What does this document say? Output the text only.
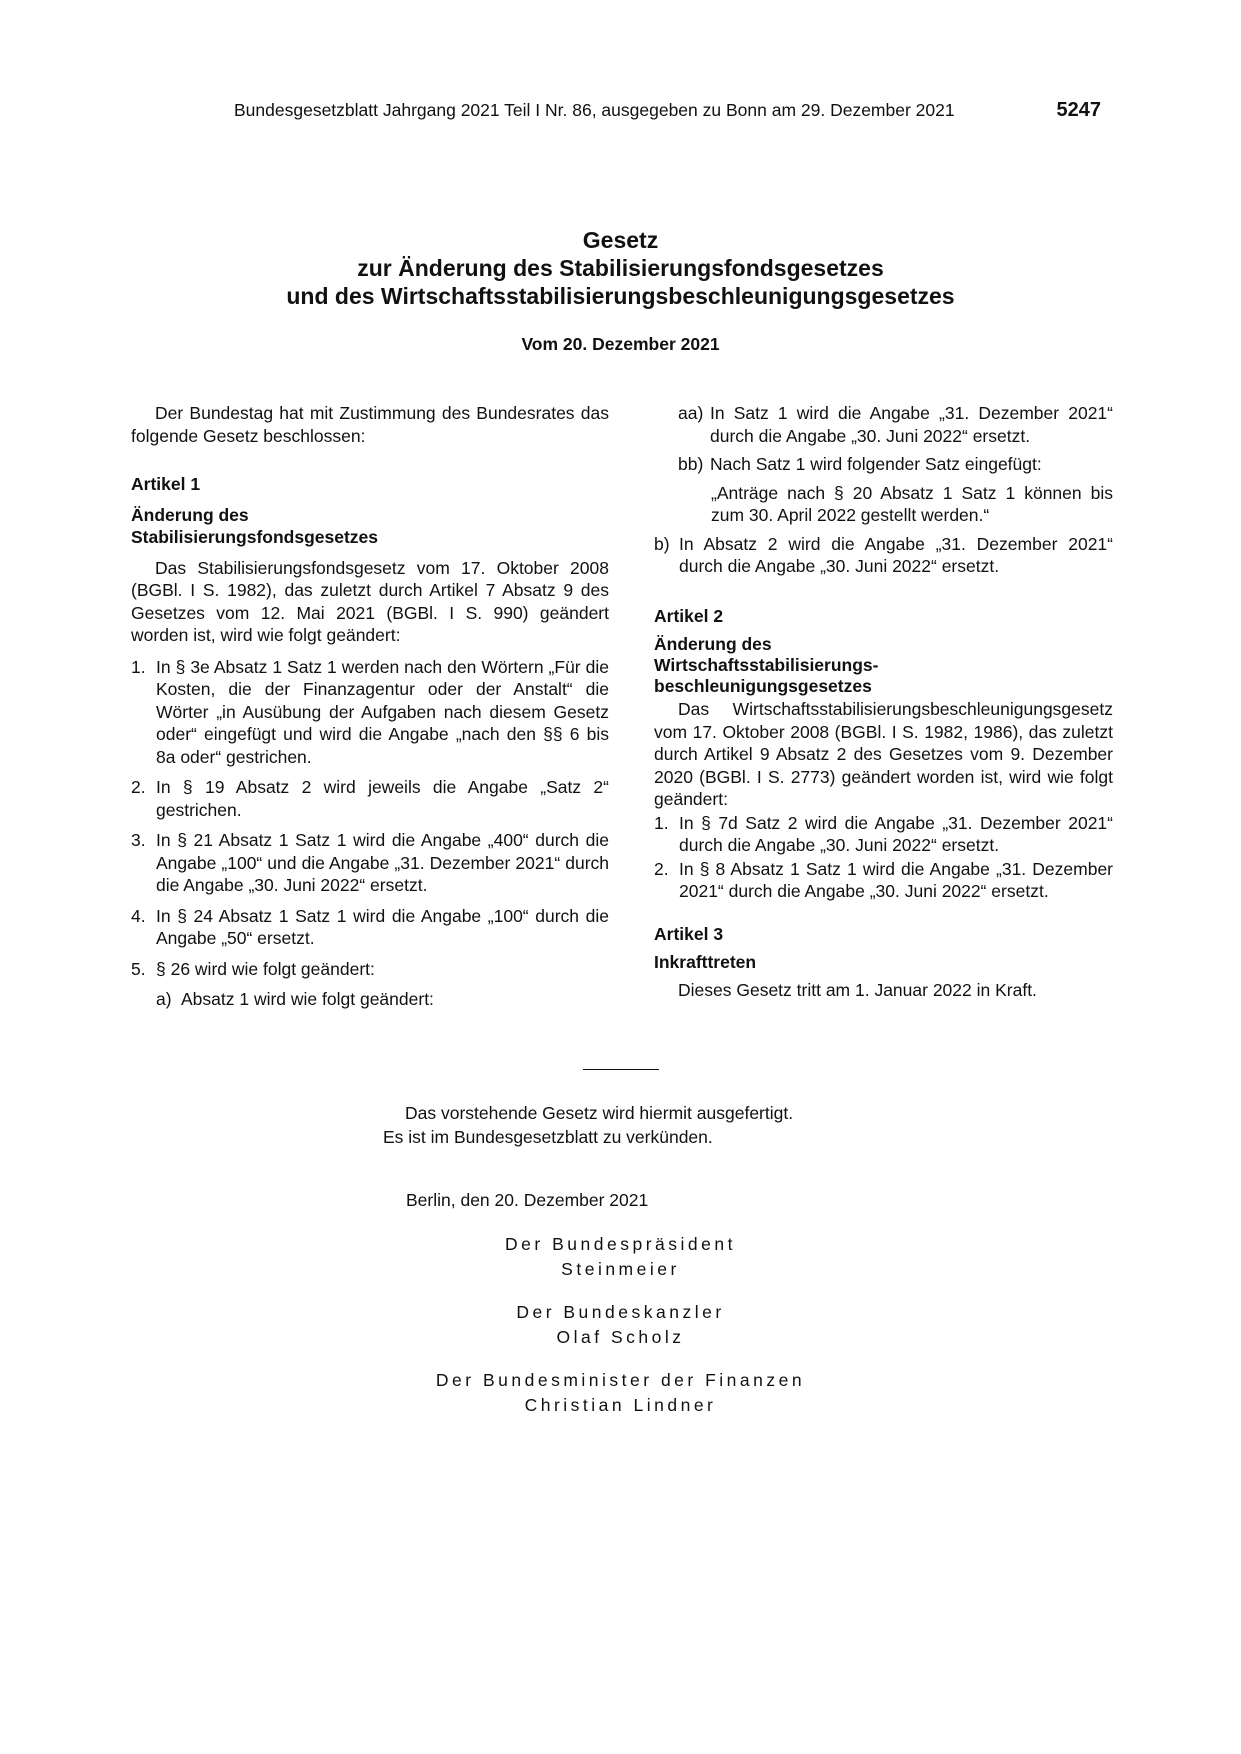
Bundesgesetzblatt Jahrgang 2021 Teil I Nr. 86, ausgegeben zu Bonn am 29. Dezember 2021	5247
Gesetz
zur Änderung des Stabilisierungsfondsgesetzes
und des Wirtschaftsstabilisierungsbeschleunigungsgesetzes
Vom 20. Dezember 2021

Der Bundestag hat mit Zustimmung des Bundesrates das folgende Gesetz beschlossen:

Artikel 1

Änderung des

Stabilisierungsfondsgesetzes

Das Stabilisierungsfondsgesetz vom 17. Oktober 2008 (BGBl. I S. 1982), das zuletzt durch Artikel 7 Absatz 9 des Gesetzes vom 12. Mai 2021 (BGBl. I S. 990) geändert worden ist, wird wie folgt geändert:

1. In § 3e Absatz 1 Satz 1 werden nach den Wörtern „Für die Kosten, die der Finanzagentur oder der Anstalt“ die Wörter „in Ausübung der Aufgaben nach diesem Gesetz oder“ eingefügt und wird die Angabe „nach den §§ 6 bis 8a oder“ gestrichen.
2. In § 19 Absatz 2 wird jeweils die Angabe „Satz 2“ gestrichen.
3. In § 21 Absatz 1 Satz 1 wird die Angabe „400“ durch die Angabe „100“ und die Angabe „31. Dezember 2021“ durch die Angabe „30. Juni 2022“ ersetzt.
4. In § 24 Absatz 1 Satz 1 wird die Angabe „100“ durch die Angabe „50“ ersetzt.
5. § 26 wird wie folgt geändert:
a) Absatz 1 wird wie folgt geändert:
aa) In Satz 1 wird die Angabe „31. Dezember 2021“ durch die Angabe „30. Juni 2022“ ersetzt.
bb) Nach Satz 1 wird folgender Satz eingefügt:

„Anträge nach § 20 Absatz 1 Satz 1 können bis zum 30. April 2022 gestellt werden.“

b) In Absatz 2 wird die Angabe „31. Dezember 2021“ durch die Angabe „30. Juni 2022“ ersetzt.

Artikel 2

Änderung des

Wirtschaftsstabilisierungs-

beschleunigungsgesetzes

Das Wirtschaftsstabilisierungsbeschleunigungsgesetz vom 17. Oktober 2008 (BGBl. I S. 1982, 1986), das zuletzt durch Artikel 9 Absatz 2 des Gesetzes vom 9. Dezember 2020 (BGBl. I S. 2773) geändert worden ist, wird wie folgt geändert:

1. In § 7d Satz 2 wird die Angabe „31. Dezember 2021“ durch die Angabe „30. Juni 2022“ ersetzt.
2. In § 8 Absatz 1 Satz 1 wird die Angabe „31. Dezember 2021“ durch die Angabe „30. Juni 2022“ ersetzt.

Artikel 3

Inkrafttreten

Dieses Gesetz tritt am 1. Januar 2022 in Kraft.

Das vorstehende Gesetz wird hiermit ausgefertigt.
Es ist im Bundesgesetzblatt zu verkünden.
Berlin, den 20. Dezember 2021
Der Bundespräsident
Steinmeier
Der Bundeskanzler
Olaf Scholz
Der Bundesminister der Finanzen
Christian Lindner
